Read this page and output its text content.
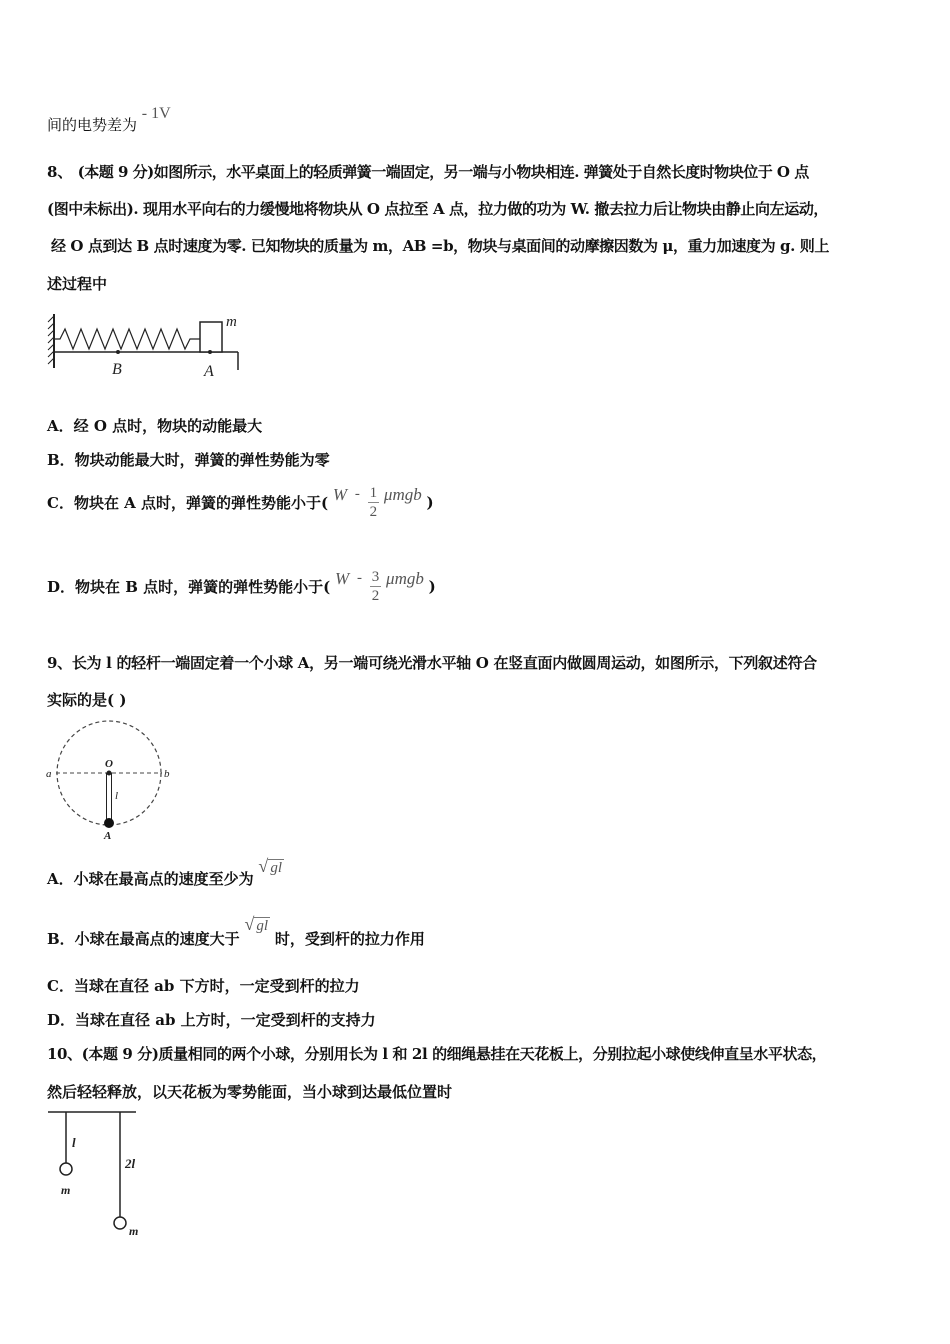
间的电势差为 - 1V
8、 (本题 9 分)如图所示，水平桌面上的轻质弹簧一端固定，另一端与小物块相连. 弹簧处于自然长度时物块位于 O 点
(图中未标出). 现用水平向右的力缓慢地将物块从 O 点拉至 A 点，拉力做的功为 W. 撤去拉力后让物块由静止向左运动，
经 O 点到达 B 点时速度为零. 已知物块的质量为 m，AB =b，物块与桌面间的动摩擦因数为 μ，重力加速度为 g. 则上
述过程中
m
B	A
A．经 O 点时，物块的动能最大
B．物块动能最大时，弹簧的弹性势能为零
C．物块在 A 点时，弹簧的弹性势能小于( W - $\frac{1}{2}$ μmgb )
D．物块在 B 点时，弹簧的弹性势能小于( W - $\frac{3}{2}$ μmgb )
9、长为 l 的轻杆一端固定着一个小球 A，另一端可绕光滑水平轴 O 在竖直面内做圆周运动，如图所示，下列叙述符合
实际的是( )
a	b
O
l
A
A．小球在最高点的速度至少为 √ gl
B．小球在最高点的速度大于 √ gl 时，受到杆的拉力作用
C．当球在直径 ab 下方时，一定受到杆的拉力
D．当球在直径 ab 上方时，一定受到杆的支持力
10、(本题 9 分)质量相同的两个小球，分别用长为 l 和 2l 的细绳悬挂在天花板上，分别拉起小球使线伸直呈水平状态，
然后轻轻释放，以天花板为零势能面，当小球到达最低位置时
l
2l
m
m
